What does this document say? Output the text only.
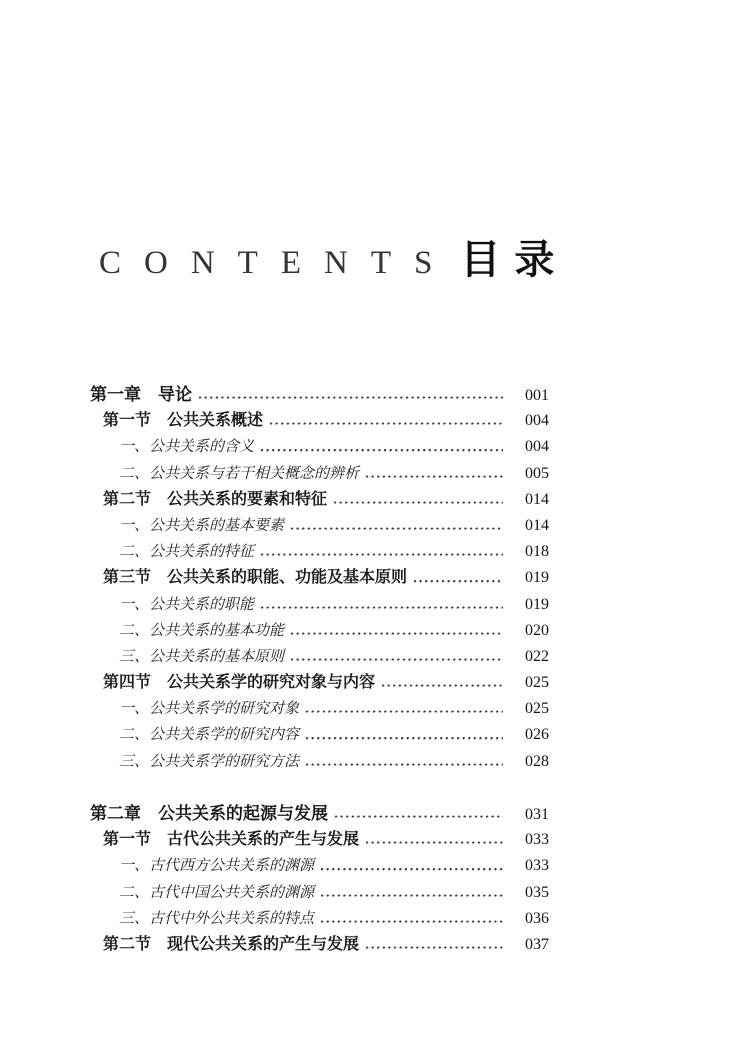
CONTENTS 目 录
第一章　导论	001
第一节　公共关系概述	004
一、公共关系的含义	004
二、公共关系与若干相关概念的辨析	005
第二节　公共关系的要素和特征	014
一、公共关系的基本要素	014
二、公共关系的特征	018
第三节　公共关系的职能、功能及基本原则	019
一、公共关系的职能	019
二、公共关系的基本功能	020
三、公共关系的基本原则	022
第四节　公共关系学的研究对象与内容	025
一、公共关系学的研究对象	025
二、公共关系学的研究内容	026
三、公共关系学的研究方法	028
第二章　公共关系的起源与发展	031
第一节　古代公共关系的产生与发展	033
一、古代西方公共关系的渊源	033
二、古代中国公共关系的渊源	035
三、古代中外公共关系的特点	036
第二节　现代公共关系的产生与发展	037
